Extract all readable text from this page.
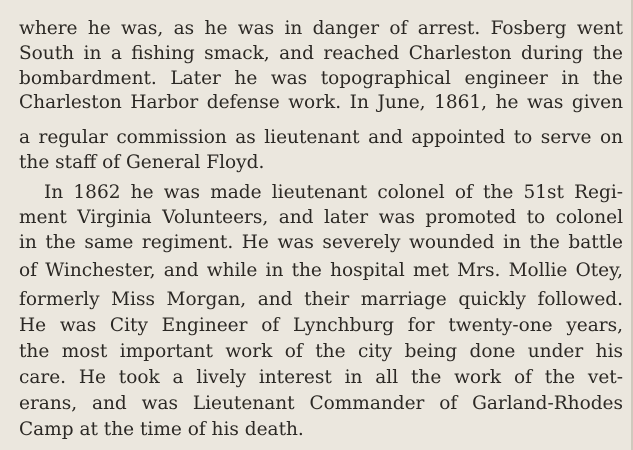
where he was, as he was in danger of arrest. Fosberg went
South in a fishing smack, and reached Charleston during the
bombardment. Later he was topographical engineer in the
Charleston Harbor defense work. In June, 1861, he was given
a regular commission as lieutenant and appointed to serve on
the staff of General Floyd.
In 1862 he was made lieutenant colonel of the 51st Regi-
ment Virginia Volunteers, and later was promoted to colonel
in the same regiment. He was severely wounded in the battle
of Winchester, and while in the hospital met Mrs. Mollie Otey,
formerly Miss Morgan, and their marriage quickly followed.
He was City Engineer of Lynchburg for twenty-one years,
the most important work of the city being done under his
care. He took a lively interest in all the work of the vet-
erans, and was Lieutenant Commander of Garland-Rhodes
Camp at the time of his death.
